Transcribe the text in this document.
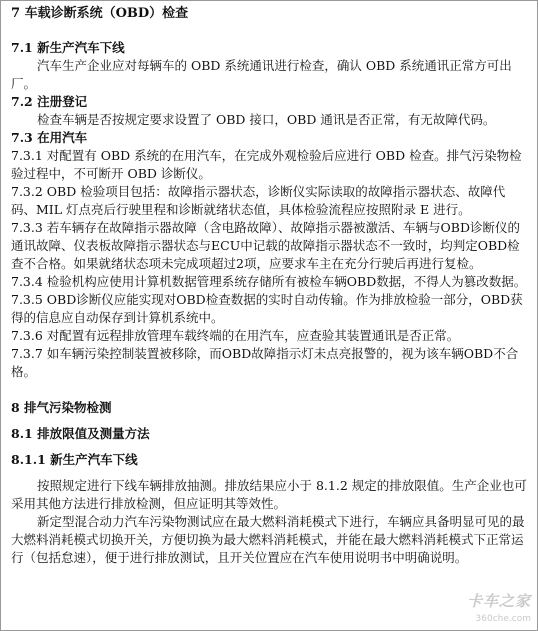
7 车载诊断系统（OBD）检查

7.1 新生产汽车下线

汽车生产企业应对每辆车的 OBD 系统通讯进行检查，确认 OBD 系统通讯正常方可出厂。

7.2 注册登记

检查车辆是否按规定要求设置了 OBD 接口，OBD 通讯是否正常，有无故障代码。

7.3 在用汽车

7.3.1 对配置有 OBD 系统的在用汽车，在完成外观检验后应进行 OBD 检查。排气污染物检验过程中，不可断开 OBD 诊断仪。

7.3.2 OBD 检验项目包括：故障指示器状态，诊断仪实际读取的故障指示器状态、故障代码、MIL 灯点亮后行驶里程和诊断就绪状态值，具体检验流程应按照附录 E 进行。

7.3.3 若车辆存在故障指示器故障（含电路故障）、故障指示器被激活、车辆与OBD诊断仪的通讯故障、仪表板故障指示器状态与ECU中记载的故障指示器状态不一致时，均判定OBD检查不合格。如果就绪状态项未完成项超过2项，应要求车主在充分行驶后再进行复检。

7.3.4 检验机构应使用计算机数据管理系统存储所有被检车辆OBD数据，不得人为篡改数据。

7.3.5 OBD诊断仪应能实现对OBD检查数据的实时自动传输。作为排放检验一部分，OBD获得的信息应自动保存到计算机系统中。

7.3.6 对配置有远程排放管理车载终端的在用汽车，应查验其装置通讯是否正常。

7.3.7 如车辆污染控制装置被移除，而OBD故障指示灯未点亮报警的，视为该车辆OBD不合格。

8 排气污染物检测

8.1 排放限值及测量方法

8.1.1 新生产汽车下线

按照规定进行下线车辆排放抽测。排放结果应小于 8.1.2 规定的排放限值。生产企业也可采用其他方法进行排放检测，但应证明其等效性。

新定型混合动力汽车污染物测试应在最大燃料消耗模式下进行，车辆应具备明显可见的最大燃料消耗模式切换开关，方便切换为最大燃料消耗模式，并能在最大燃料消耗模式下正常运行（包括怠速），便于进行排放测试，且开关位置应在汽车使用说明书中明确说明。

卡车之家
360che.com
